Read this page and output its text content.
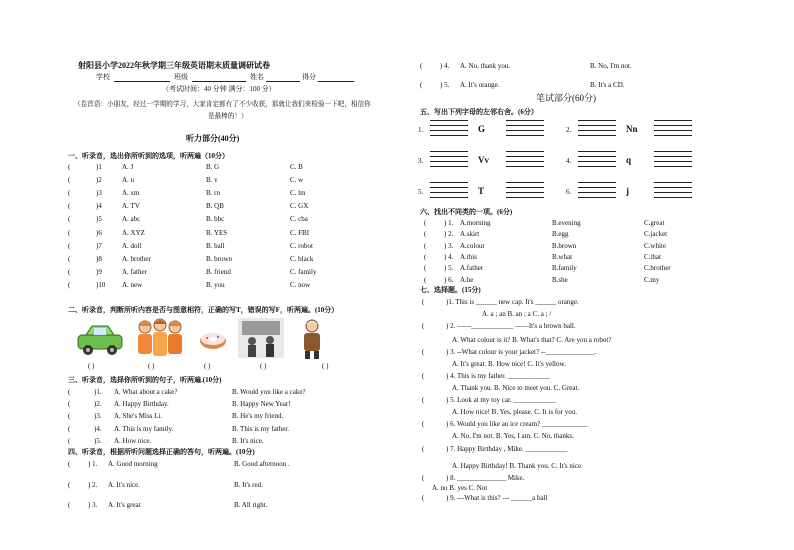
射阳县小学2022年秋学期三年级英语期末质量调研试卷
学校	班级	姓名	得分
（考试时间：40 分钟 满分：100 分）
（卷首语：小朋友，经过一学期的学习，大家肯定都有了不少收获，那就让我们来检验一下吧，相信你
是最棒的！）
听力部分(40分)
一、听录音，选出你所听到的选项，听两遍（10分）
(	)1	A. J	B. G	C. B
(	)2	A. u	B. v	C. w
(	)3	A. xm	B. rn	C. lm
(	)4	A. TV	B. QB	C. GX
(	)5	A. abc	B. bbc	C. cba
(	)6	A. XYZ	B. YES	C. FBI
(	)7	A. doll	B. ball	C. robot
(	)8	A. brother	B. brown	C. black
(	)9	A. father	B. friend	C. family
(	)10 A. new	B. you	C. now
二、听录音，判断所听内容是否与图意相符，正确的写T，错误的写F，听两遍。(10分）
( )	( )	( )	( )	( )
三、听录音，选择你所听到的句子，听两遍.(10分)
(	)1. A. What about a cake?	B. Would you like a cake?
(	)2. A. Happy Birthday.	B. Happy New Year!
(	)3. A. She's Miss Li.	B. He's my friend.
(	)4. A. This is my family.	B. This is my father.
(	)5. A. How nice.	B. It's nice.
四、听录音，根据所听问题选择正确的答句，听两遍。(10分)
(	) 1. A. Good morning	B. Good afternoon .
(	) 2. A. It's nice.	B. It's red.
(	) 3. A. It's great	B. All right.
(	) 4. A. No, thank you.	B. No, I'm not.
(	) 5. A. It's orange.	B. It's a CD.
笔试部分(60分)
五、写出下列字母的左邻右舍。(6分）
1.	G	2.	Nn
3.	Vv	4.	q
5.	T	6.	j
六、找出不同类的一项。(6分)
(	) 1. A.morning	B.evening	C.great
(	) 2. A.skirt	B.egg	C.jacket
(	) 3. A.colour	B.brown	C.white
(	) 4. A.this	B.what	C.that
(	) 5. A.father	B.family	C.brother
(	) 6. A.he	B.she	C.my
七、选择题。(15分)
(	)1. This is ______ new cap. It's ______ orange.
A. a ; an B. an ; a C. a ; /
(	) 2. ——____________ ——It's a brown ball.
A. What colour is it? B. What's that? C. Are you a robot?
(	) 3. --What colour is your jacket? --______________.
A. It's great. B. How nice! C. It's yellow.
(	) 4. This is my father. ____________
A. Thank you. B. Nice to meet you. C. Great.
(	) 5. Look at my toy car. ____________
A. How nice! B. Yes, please. C. It is for you.
(	) 6. Would you like an ice cream? _____________
A. No, I'm not. B. Yes, I am. C. No, thanks.
(	) 7. Happy Birthday , Mike. ____________
A. Happy Birthday! B. Thank you. C. It's nice.
(	) 8. ______________ Mike.
A. no B. yes C. Not
(	) 9. ---What is this? --- ______a ball
